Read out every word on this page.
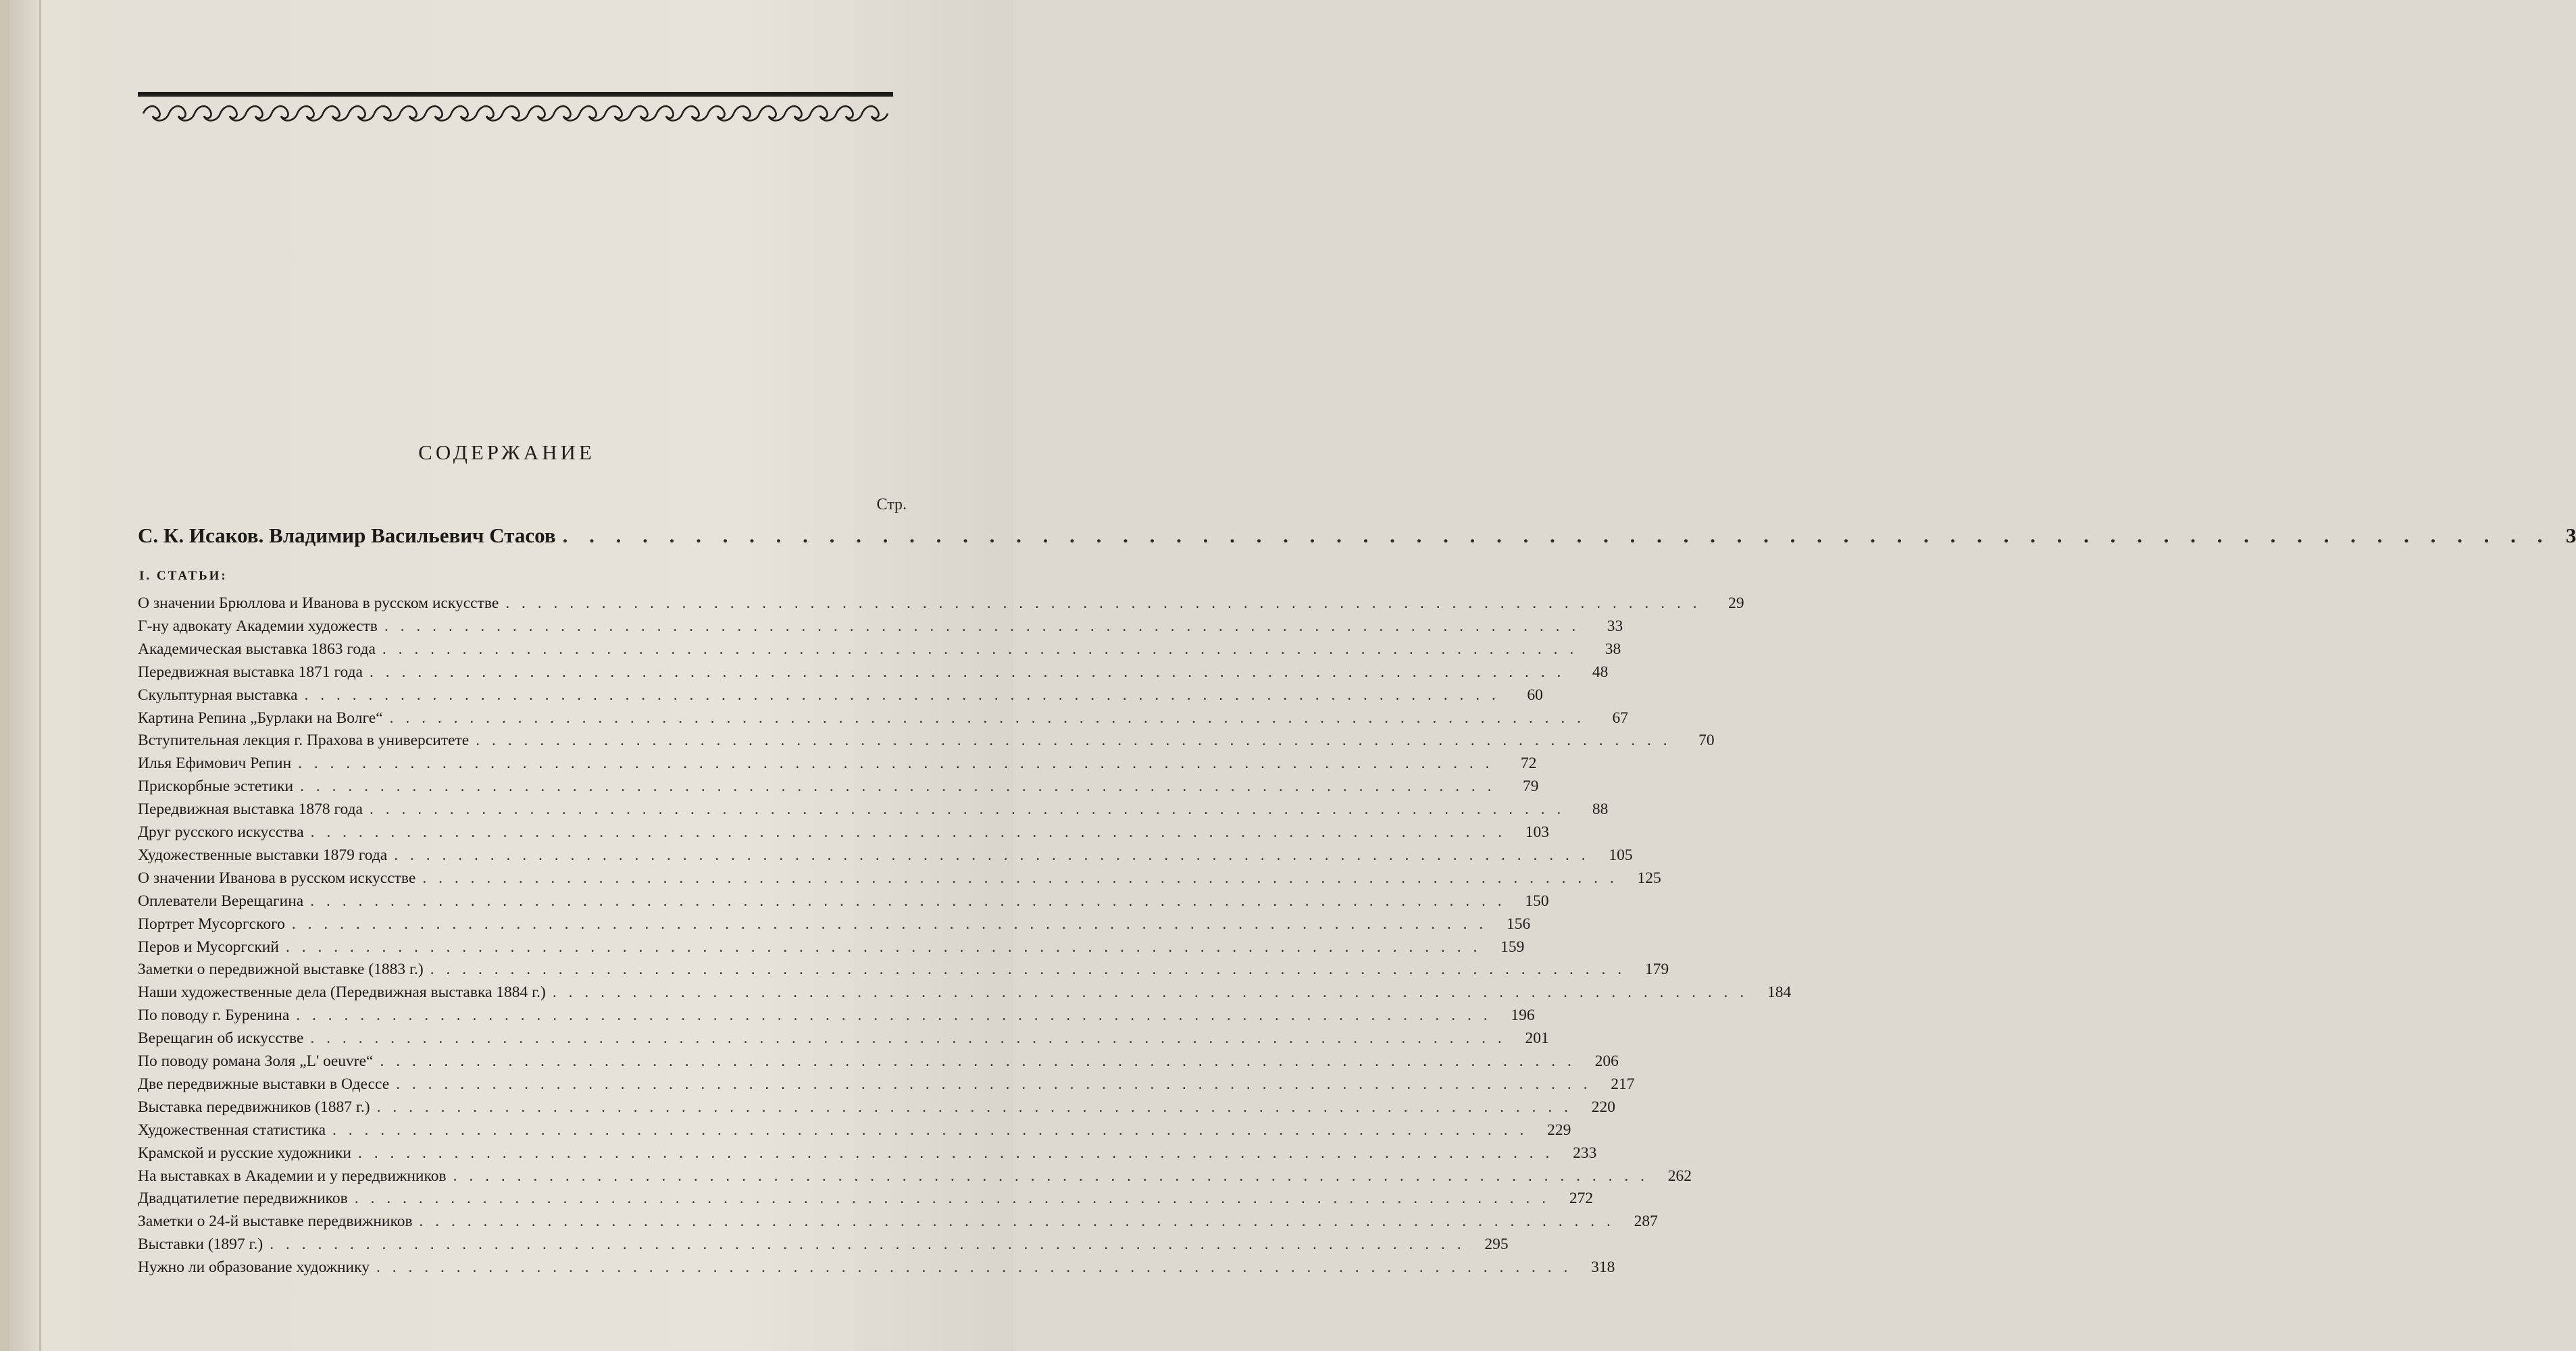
СОДЕРЖАНИЕ
Стр.
С. К. Исаков. Владимир Васильевич Стасов . . . . . . . . . . . . . . . . . . . . . . . . . . . . . . . . . . . . . . . . . . . . . . . . . . . . . . . . . . . . . . . . . . . . . . . . . . . 3
I. СТАТЬИ:
О значении Брюллова и Иванова в русском искусстве . . . . . . . . . . . . . . . . . . . . . . . . . . . . . . . . . . . . . . . . . . . . . . . . . . . . . . . . . . . . . . . . . . . . . . . . . . .	29
Г-ну адвокату Академии художеств . . . . . . . . . . . . . . . . . . . . . . . . . . . . . . . . . . . . . . . . . . . . . . . . . . . . . . . . . . . . . . . . . . . . . . . . . . .	33
Академическая выставка 1863 года . . . . . . . . . . . . . . . . . . . . . . . . . . . . . . . . . . . . . . . . . . . . . . . . . . . . . . . . . . . . . . . . . . . . . . . . . . .	38
Передвижная выставка 1871 года . . . . . . . . . . . . . . . . . . . . . . . . . . . . . . . . . . . . . . . . . . . . . . . . . . . . . . . . . . . . . . . . . . . . . . . . . . .	48
Скульптурная выставка . . . . . . . . . . . . . . . . . . . . . . . . . . . . . . . . . . . . . . . . . . . . . . . . . . . . . . . . . . . . . . . . . . . . . . . . . . .	60
Картина Репина „Бурлаки на Волге“ . . . . . . . . . . . . . . . . . . . . . . . . . . . . . . . . . . . . . . . . . . . . . . . . . . . . . . . . . . . . . . . . . . . . . . . . . . .	67
Вступительная лекция г. Прахова в университете . . . . . . . . . . . . . . . . . . . . . . . . . . . . . . . . . . . . . . . . . . . . . . . . . . . . . . . . . . . . . . . . . . . . . . . . . . .	70
Илья Ефимович Репин . . . . . . . . . . . . . . . . . . . . . . . . . . . . . . . . . . . . . . . . . . . . . . . . . . . . . . . . . . . . . . . . . . . . . . . . . . .	72
Прискорбные эстетики . . . . . . . . . . . . . . . . . . . . . . . . . . . . . . . . . . . . . . . . . . . . . . . . . . . . . . . . . . . . . . . . . . . . . . . . . . .	79
Передвижная выставка 1878 года . . . . . . . . . . . . . . . . . . . . . . . . . . . . . . . . . . . . . . . . . . . . . . . . . . . . . . . . . . . . . . . . . . . . . . . . . . .	88
Друг русского искусства . . . . . . . . . . . . . . . . . . . . . . . . . . . . . . . . . . . . . . . . . . . . . . . . . . . . . . . . . . . . . . . . . . . . . . . . . . .	103
Художественные выставки 1879 года . . . . . . . . . . . . . . . . . . . . . . . . . . . . . . . . . . . . . . . . . . . . . . . . . . . . . . . . . . . . . . . . . . . . . . . . . . .	105
О значении Иванова в русском искусстве . . . . . . . . . . . . . . . . . . . . . . . . . . . . . . . . . . . . . . . . . . . . . . . . . . . . . . . . . . . . . . . . . . . . . . . . . . .	125
Оплеватели Верещагина . . . . . . . . . . . . . . . . . . . . . . . . . . . . . . . . . . . . . . . . . . . . . . . . . . . . . . . . . . . . . . . . . . . . . . . . . . .	150
Портрет Мусоргского . . . . . . . . . . . . . . . . . . . . . . . . . . . . . . . . . . . . . . . . . . . . . . . . . . . . . . . . . . . . . . . . . . . . . . . . . . .	156
Перов и Мусоргский . . . . . . . . . . . . . . . . . . . . . . . . . . . . . . . . . . . . . . . . . . . . . . . . . . . . . . . . . . . . . . . . . . . . . . . . . . .	159
Заметки о передвижной выставке (1883 г.) . . . . . . . . . . . . . . . . . . . . . . . . . . . . . . . . . . . . . . . . . . . . . . . . . . . . . . . . . . . . . . . . . . . . . . . . . . .	179
Наши художественные дела (Передвижная выставка 1884 г.) . . . . . . . . . . . . . . . . . . . . . . . . . . . . . . . . . . . . . . . . . . . . . . . . . . . . . . . . . . . . . . . . . . . . . . . . . . .	184
По поводу г. Буренина . . . . . . . . . . . . . . . . . . . . . . . . . . . . . . . . . . . . . . . . . . . . . . . . . . . . . . . . . . . . . . . . . . . . . . . . . . .	196
Верещагин об искусстве . . . . . . . . . . . . . . . . . . . . . . . . . . . . . . . . . . . . . . . . . . . . . . . . . . . . . . . . . . . . . . . . . . . . . . . . . . .	201
По поводу романа Золя „L' oeuvre“ . . . . . . . . . . . . . . . . . . . . . . . . . . . . . . . . . . . . . . . . . . . . . . . . . . . . . . . . . . . . . . . . . . . . . . . . . . .	206
Две передвижные выставки в Одессе . . . . . . . . . . . . . . . . . . . . . . . . . . . . . . . . . . . . . . . . . . . . . . . . . . . . . . . . . . . . . . . . . . . . . . . . . . .	217
Выставка передвижников (1887 г.) . . . . . . . . . . . . . . . . . . . . . . . . . . . . . . . . . . . . . . . . . . . . . . . . . . . . . . . . . . . . . . . . . . . . . . . . . . .	220
Художественная статистика . . . . . . . . . . . . . . . . . . . . . . . . . . . . . . . . . . . . . . . . . . . . . . . . . . . . . . . . . . . . . . . . . . . . . . . . . . .	229
Крамской и русские художники . . . . . . . . . . . . . . . . . . . . . . . . . . . . . . . . . . . . . . . . . . . . . . . . . . . . . . . . . . . . . . . . . . . . . . . . . . .	233
На выставках в Академии и у передвижников . . . . . . . . . . . . . . . . . . . . . . . . . . . . . . . . . . . . . . . . . . . . . . . . . . . . . . . . . . . . . . . . . . . . . . . . . . .	262
Двадцатилетие передвижников . . . . . . . . . . . . . . . . . . . . . . . . . . . . . . . . . . . . . . . . . . . . . . . . . . . . . . . . . . . . . . . . . . . . . . . . . . .	272
Заметки о 24-й выставке передвижников . . . . . . . . . . . . . . . . . . . . . . . . . . . . . . . . . . . . . . . . . . . . . . . . . . . . . . . . . . . . . . . . . . . . . . . . . . .	287
Выставки (1897 г.) . . . . . . . . . . . . . . . . . . . . . . . . . . . . . . . . . . . . . . . . . . . . . . . . . . . . . . . . . . . . . . . . . . . . . . . . . . .	295
Нужно ли образование художнику . . . . . . . . . . . . . . . . . . . . . . . . . . . . . . . . . . . . . . . . . . . . . . . . . . . . . . . . . . . . . . . . . . . . . . . . . . .	318
